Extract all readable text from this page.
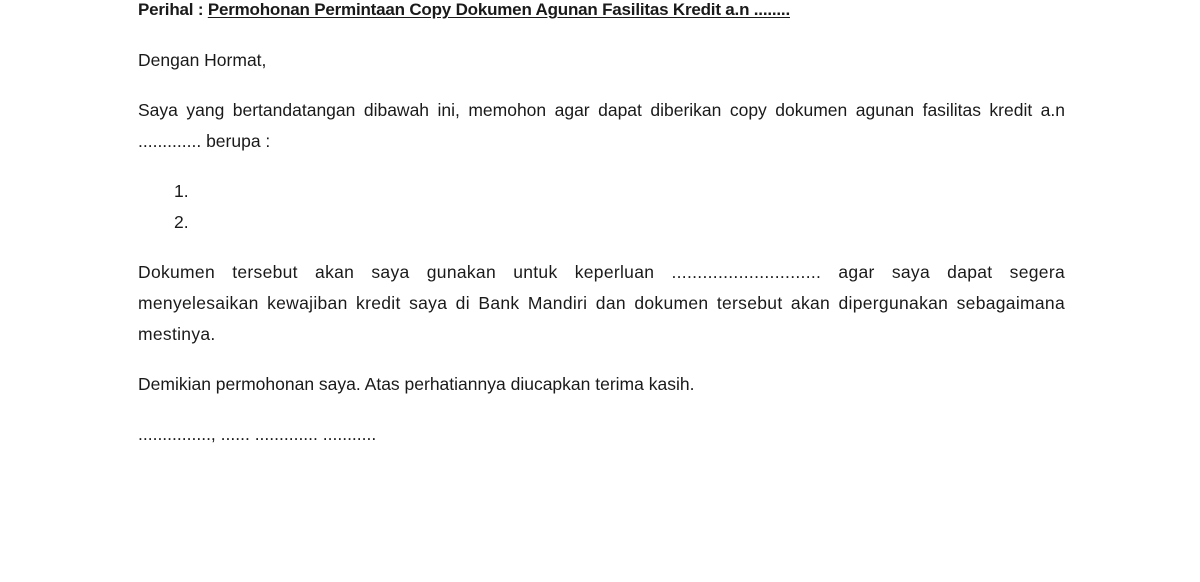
Perihal : Permohonan Permintaan Copy Dokumen Agunan Fasilitas Kredit a.n ........

Dengan Hormat,

Saya yang bertandatangan dibawah ini, memohon agar dapat diberikan copy dokumen agunan fasilitas kredit a.n ............. berupa :

1.
2.

Dokumen tersebut akan saya gunakan untuk keperluan ............................. agar saya dapat segera menyelesaikan kewajiban kredit saya di Bank Mandiri dan dokumen tersebut akan dipergunakan sebagaimana mestinya.

Demikian permohonan saya. Atas perhatiannya diucapkan terima kasih.

..............., ...... ............. ...........
